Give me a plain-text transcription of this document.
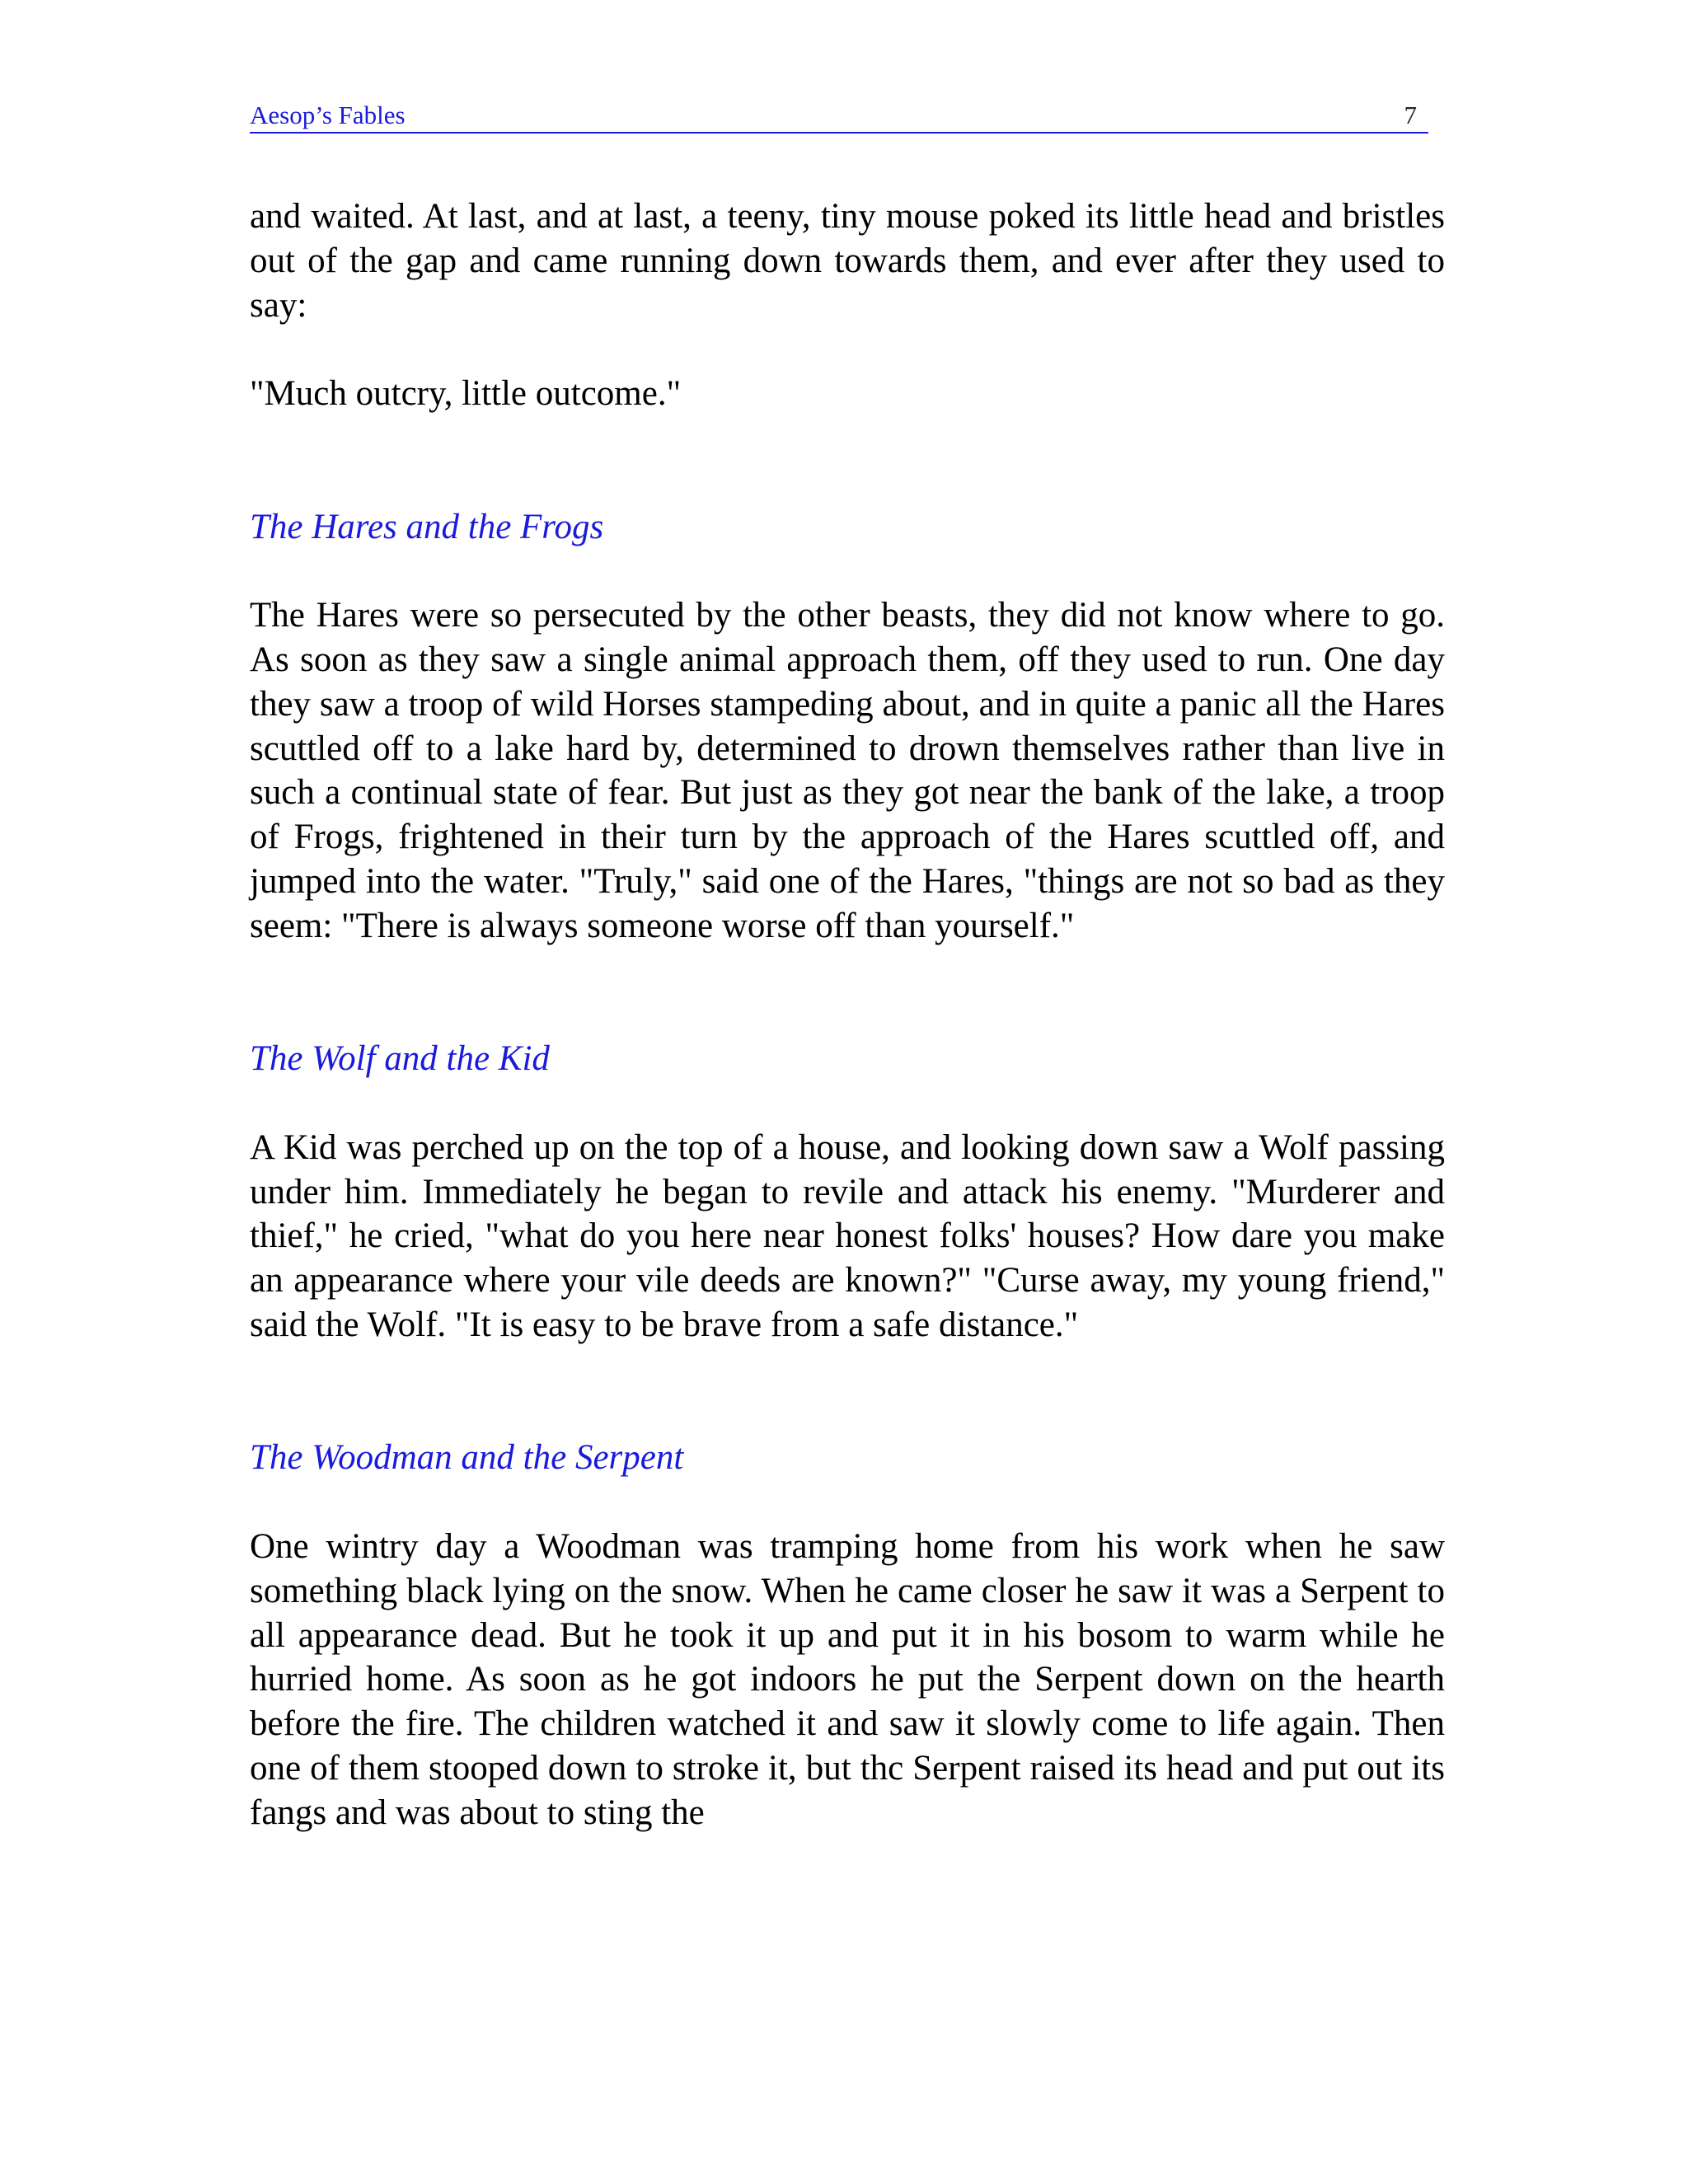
Aesop’s Fables	7

and waited. At last, and at last, a teeny, tiny mouse poked its little head and bristles out of the gap and came running down towards them, and ever after they used to say:

"Much outcry, little outcome."

The Hares and the Frogs

The Hares were so persecuted by the other beasts, they did not know where to go. As soon as they saw a single animal approach them, off they used to run. One day they saw a troop of wild Horses stampeding about, and in quite a panic all the Hares scuttled off to a lake hard by, determined to drown themselves rather than live in such a continual state of fear. But just as they got near the bank of the lake, a troop of Frogs, frightened in their turn by the approach of the Hares scuttled off, and jumped into the water. "Truly," said one of the Hares, "things are not so bad as they seem: "There is always someone worse off than yourself."

The Wolf and the Kid

A Kid was perched up on the top of a house, and looking down saw a Wolf passing under him. Immediately he began to revile and attack his enemy. "Murderer and thief," he cried, "what do you here near honest folks' houses? How dare you make an appearance where your vile deeds are known?" "Curse away, my young friend," said the Wolf. "It is easy to be brave from a safe distance."

The Woodman and the Serpent

One wintry day a Woodman was tramping home from his work when he saw something black lying on the snow. When he came closer he saw it was a Serpent to all appearance dead. But he took it up and put it in his bosom to warm while he hurried home. As soon as he got indoors he put the Serpent down on the hearth before the fire. The children watched it and saw it slowly come to life again. Then one of them stooped down to stroke it, but thc Serpent raised its head and put out its fangs and was about to sting the
